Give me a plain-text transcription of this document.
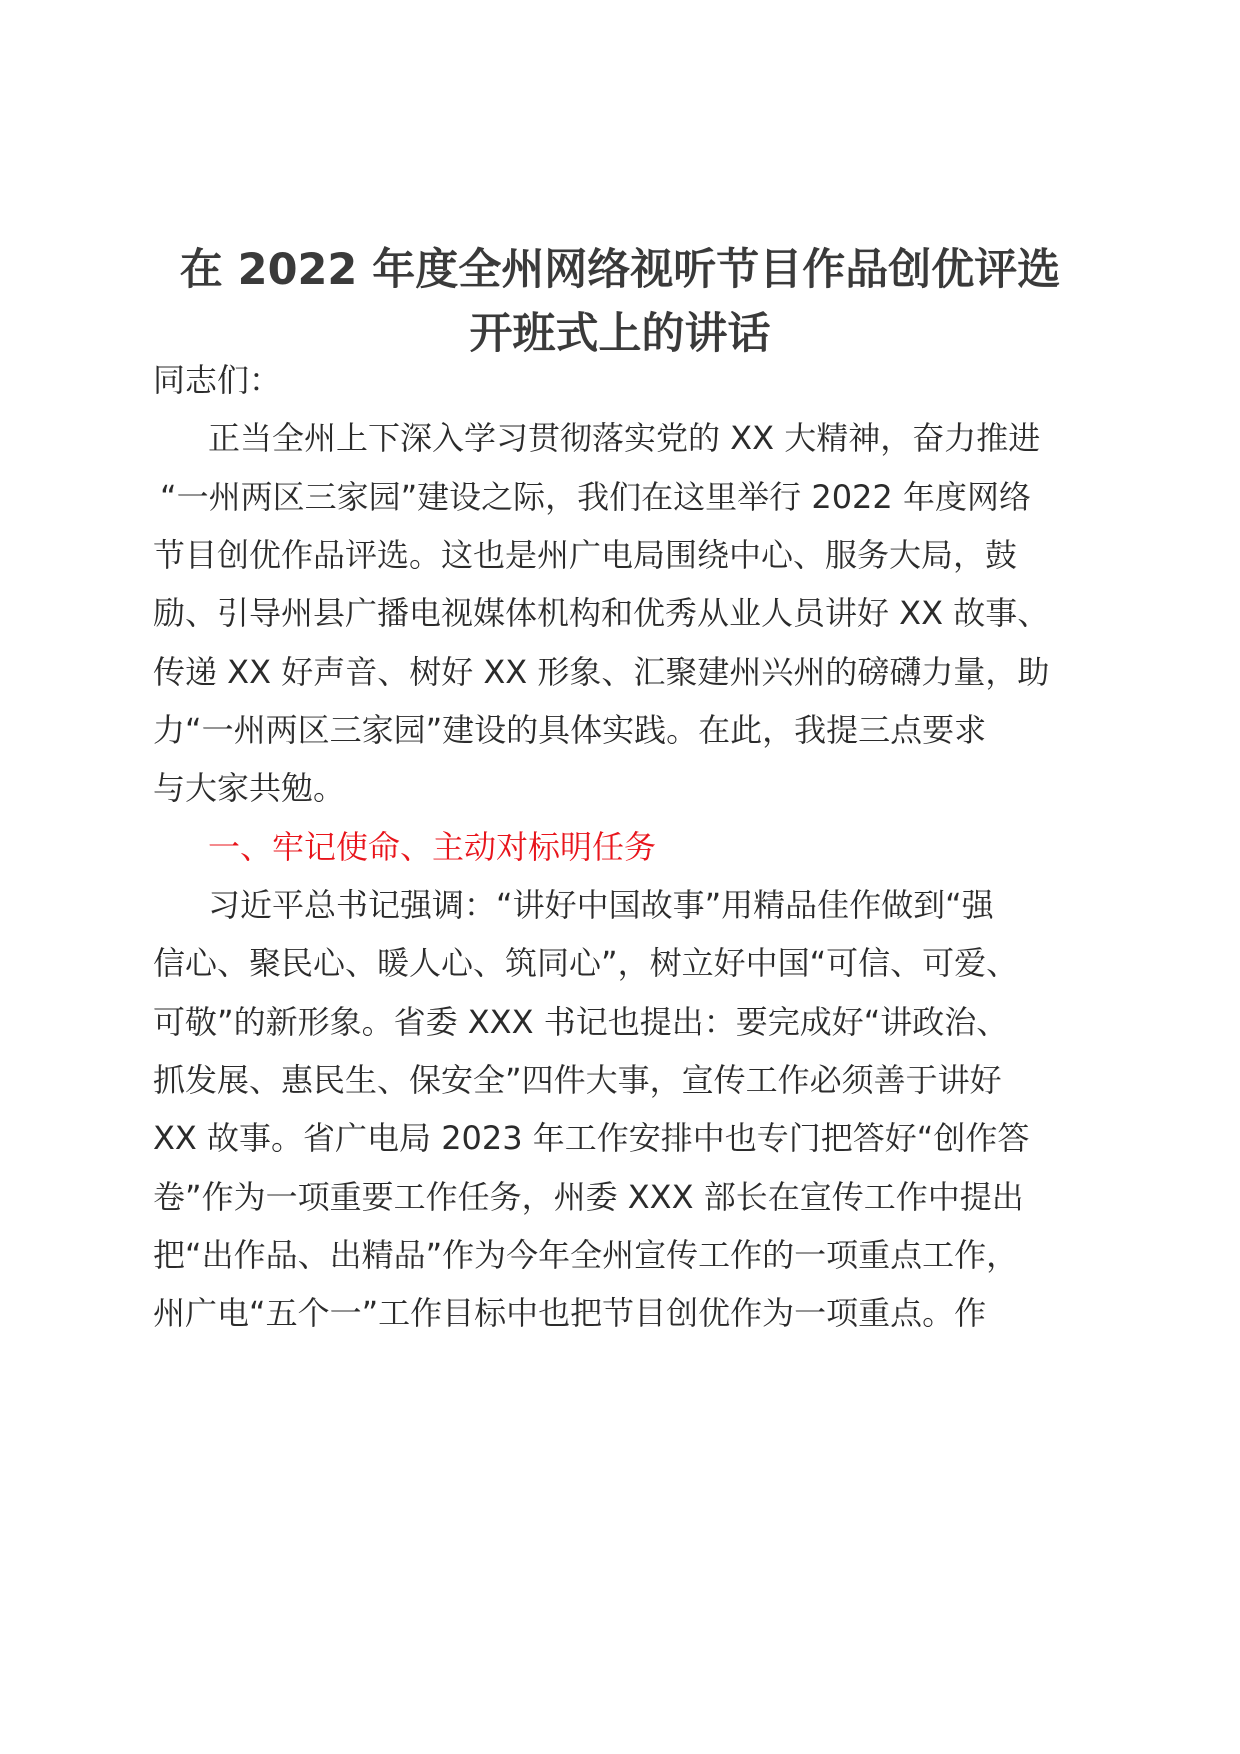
在 2022 年度全州网络视听节目作品创优评选
开班式上的讲话
同志们：
正当全州上下深入学习贯彻落实党的 XX 大精神，奋力推进
“一州两区三家园”建设之际，我们在这里举行 2022 年度网络
节目创优作品评选。这也是州广电局围绕中心、服务大局，鼓
励、引导州县广播电视媒体机构和优秀从业人员讲好 XX 故事、
传递 XX 好声音、树好 XX 形象、汇聚建州兴州的磅礴力量，助
力“一州两区三家园”建设的具体实践。在此，我提三点要求
与大家共勉。
一、牢记使命、主动对标明任务
习近平总书记强调：“讲好中国故事”用精品佳作做到“强
信心、聚民心、暖人心、筑同心”，树立好中国“可信、可爱、
可敬”的新形象。省委 XXX 书记也提出：要完成好“讲政治、
抓发展、惠民生、保安全”四件大事，宣传工作必须善于讲好
XX 故事。省广电局 2023 年工作安排中也专门把答好“创作答
卷”作为一项重要工作任务，州委 XXX 部长在宣传工作中提出
把“出作品、出精品”作为今年全州宣传工作的一项重点工作，
州广电“五个一”工作目标中也把节目创优作为一项重点。作
